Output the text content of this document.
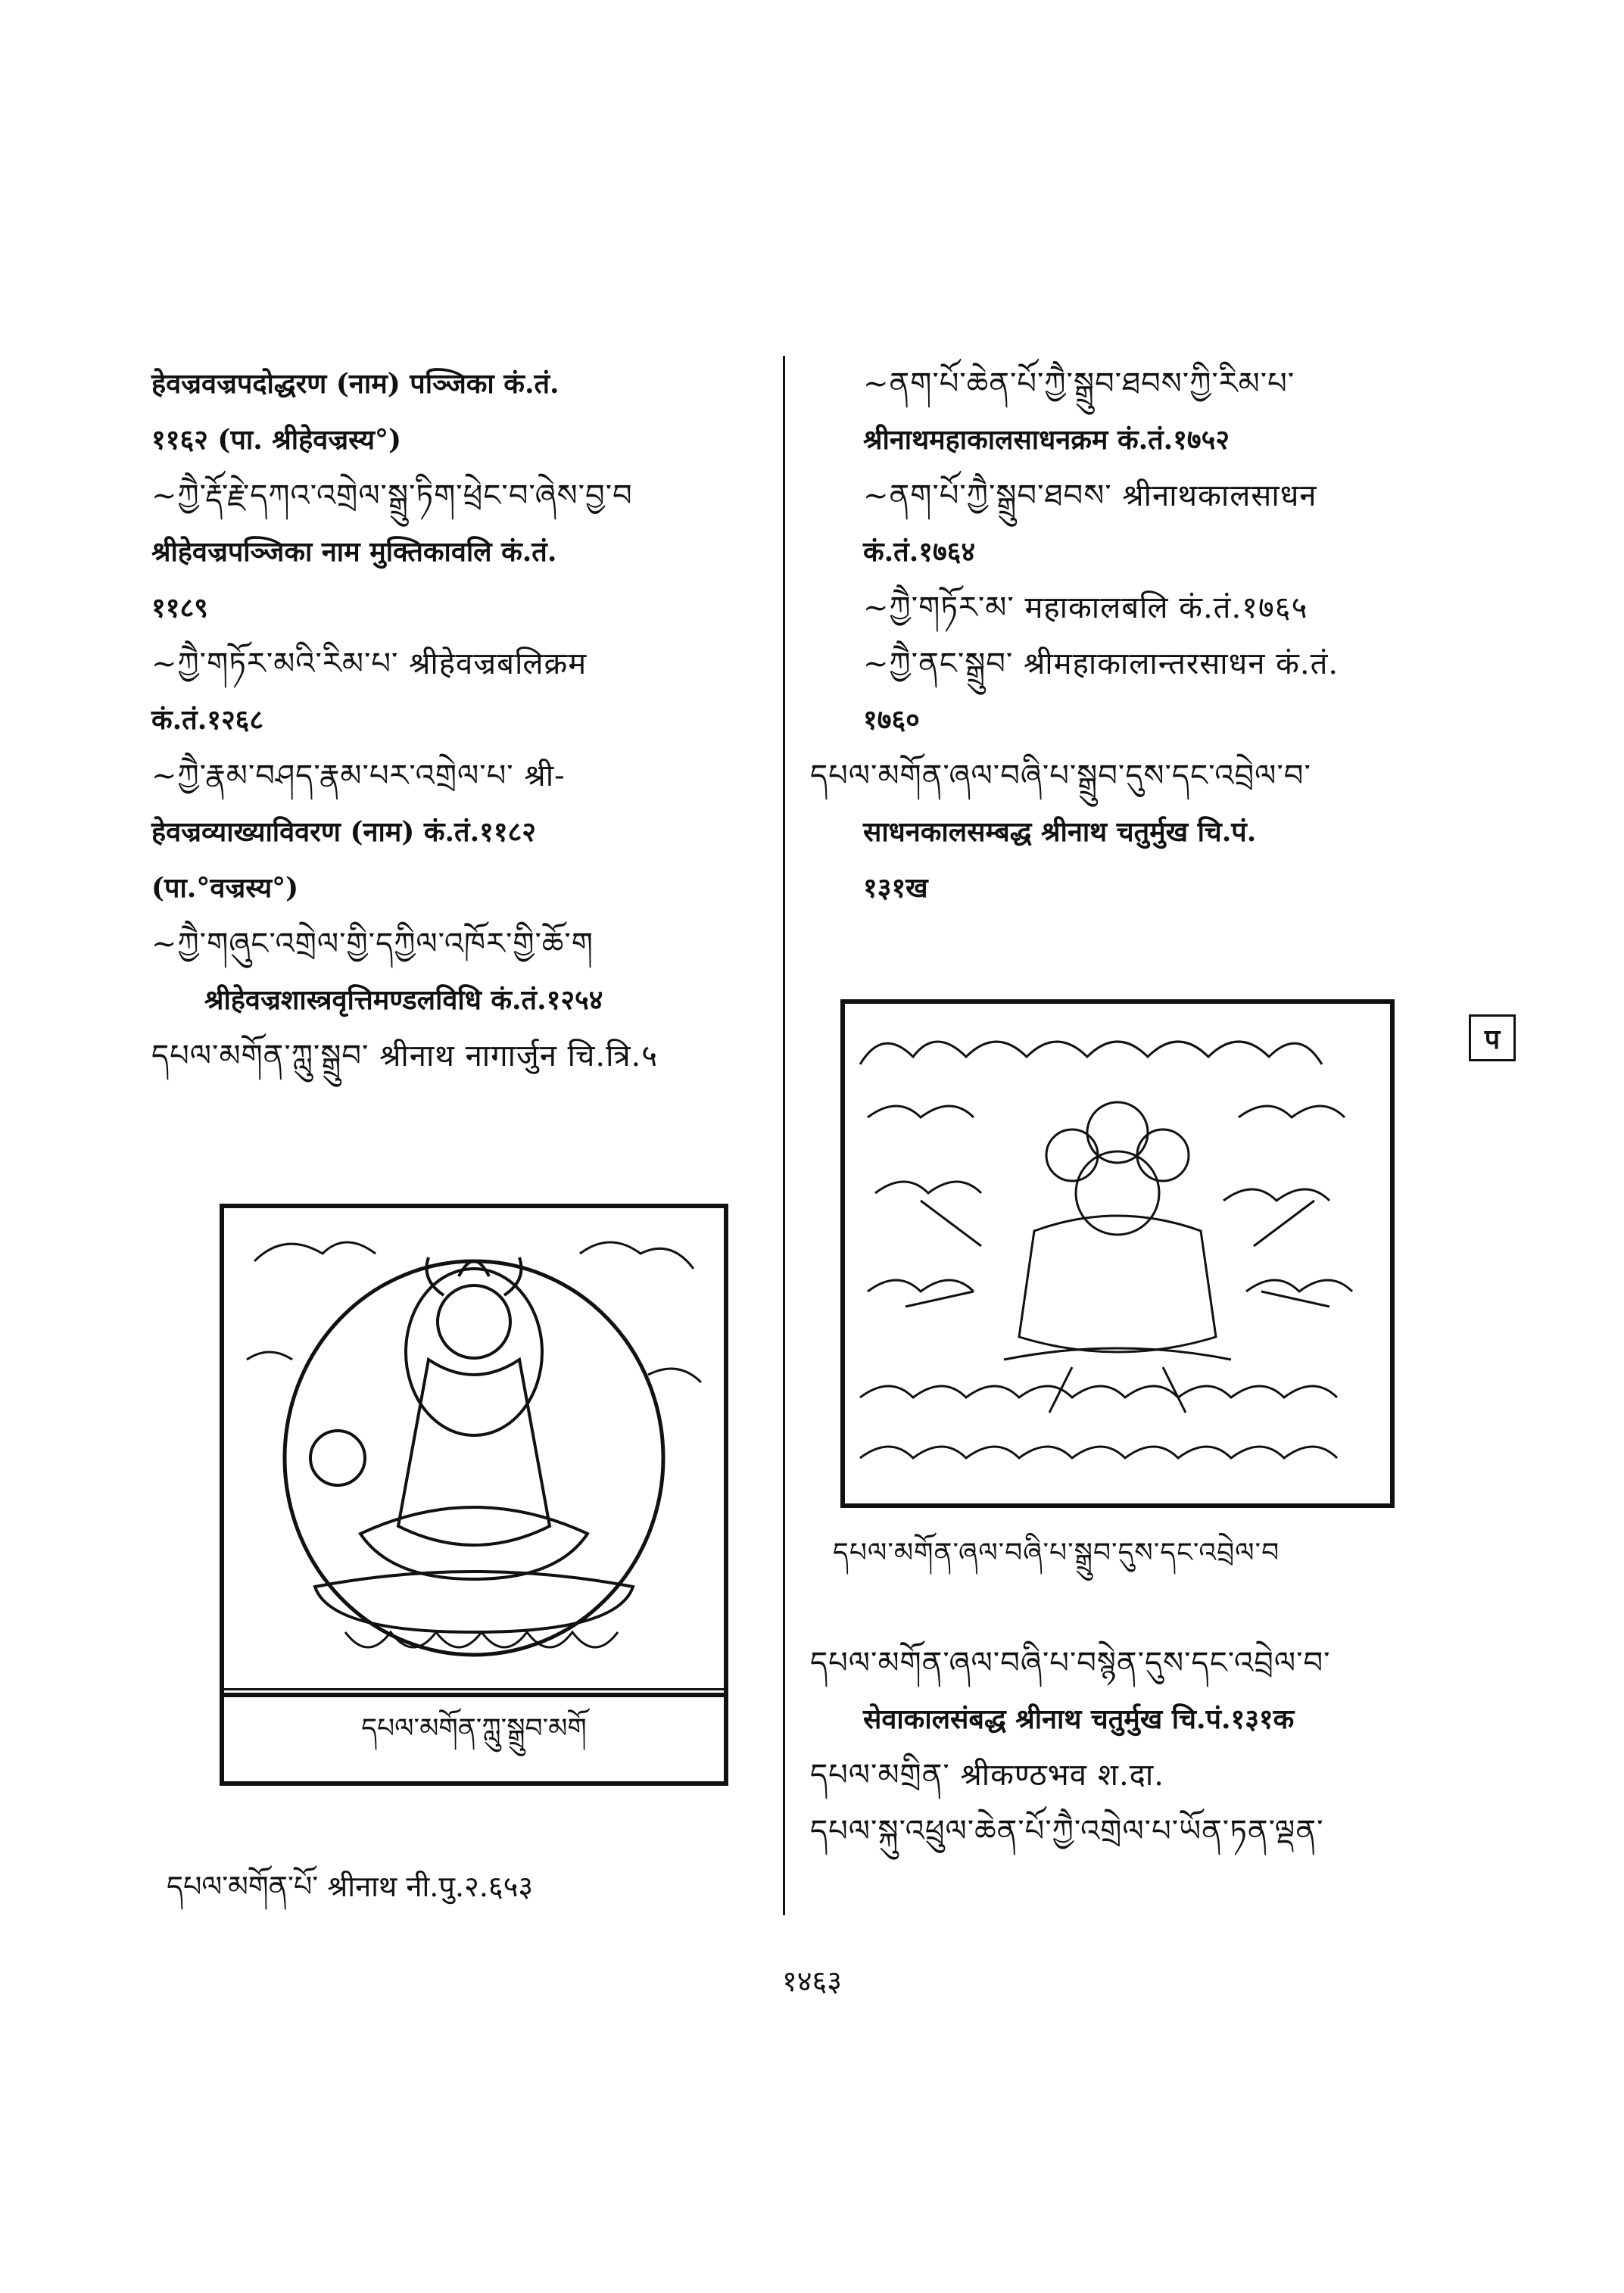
हेवज्रवज्रपदोद्धरण (नाम) पञ्जिका कं.तं.
११६२ (पा. श्रीहेवज्रस्य°)
~ཀྱཻ་རྡོ་རྗེ་དཀའ་འགྲེལ་སྒྲུ་ཏིག་ཕྲེང་བ་ཞེས་བྱ་བ
श्रीहेवज्रपञ्जिका नाम मुक्तिकावलि कं.तं.
११८९
~ཀྱཻ་གཏོར་མའི་རིམ་པ་ श्रीहेवज्रबलिक्रम
कं.तं.१२६८
~ཀྱཻ་རྣམ་བཤད་རྣམ་པར་འགྲེལ་པ་ श्री-
हेवज्रव्याख्याविवरण (नाम) कं.तं.११८२
(पा.°वज्रस्य°)
~ཀྱཻ་གཞུང་འགྲེལ་གྱི་དཀྱིལ་འཁོར་གྱི་ཆོ་ག
श्रीहेवज्रशास्त्रवृत्तिमण्डलविधि कं.तं.१२५४
དཔལ་མགོན་ཀླུ་སྒྲུབ་ श्रीनाथ नागार्जुन चि.त्रि.५
~ནག་པོ་ཆེན་པོ་ཀྱཻ་སྒྲུབ་ཐབས་ཀྱི་རིམ་པ་
श्रीनाथमहाकालसाधनक्रम कं.तं.१७५२
~ནག་པོ་ཀྱཻ་སྒྲུབ་ཐབས་ श्रीनाथकालसाधन
कं.तं.१७६४
~ཀྱཻ་གཏོར་མ་ महाकालबलि कं.तं.१७६५
~ཀྱཻ་ནང་སྒྲུབ་ श्रीमहाकालान्तरसाधन कं.तं.
१७६०
དཔལ་མགོན་ཞལ་བཞི་པ་སྒྲུབ་དུས་དང་འབྲེལ་བ་
साधनकालसम्बद्ध श्रीनाथ चतुर्मुख चि.पं.
१३१ख
དཔལ་མགོན་ཀླུ་སྒྲུབ་མགོ
དཔལ་མགོན་པོ་ श्रीनाथ नी.पु.२.६५३
དཔལ་མགོན་ཞལ་བཞི་པ་སྒྲུབ་དུས་དང་འབྲེལ་བ
དཔལ་མགོན་ཞལ་བཞི་པ་བསྙེན་དུས་དང་འབྲེལ་བ་
सेवाकालसंबद्ध श्रीनाथ चतुर्मुख चि.पं.१३१क
དཔལ་མགྲིན་ श्रीकण्ठभव श.दा.
དཔལ་སྐུ་འཕྲུལ་ཆེན་པོ་ཀྱཻ་འགྲེལ་པ་ཡོན་ཏན་ལྡན་
प
१४६३
